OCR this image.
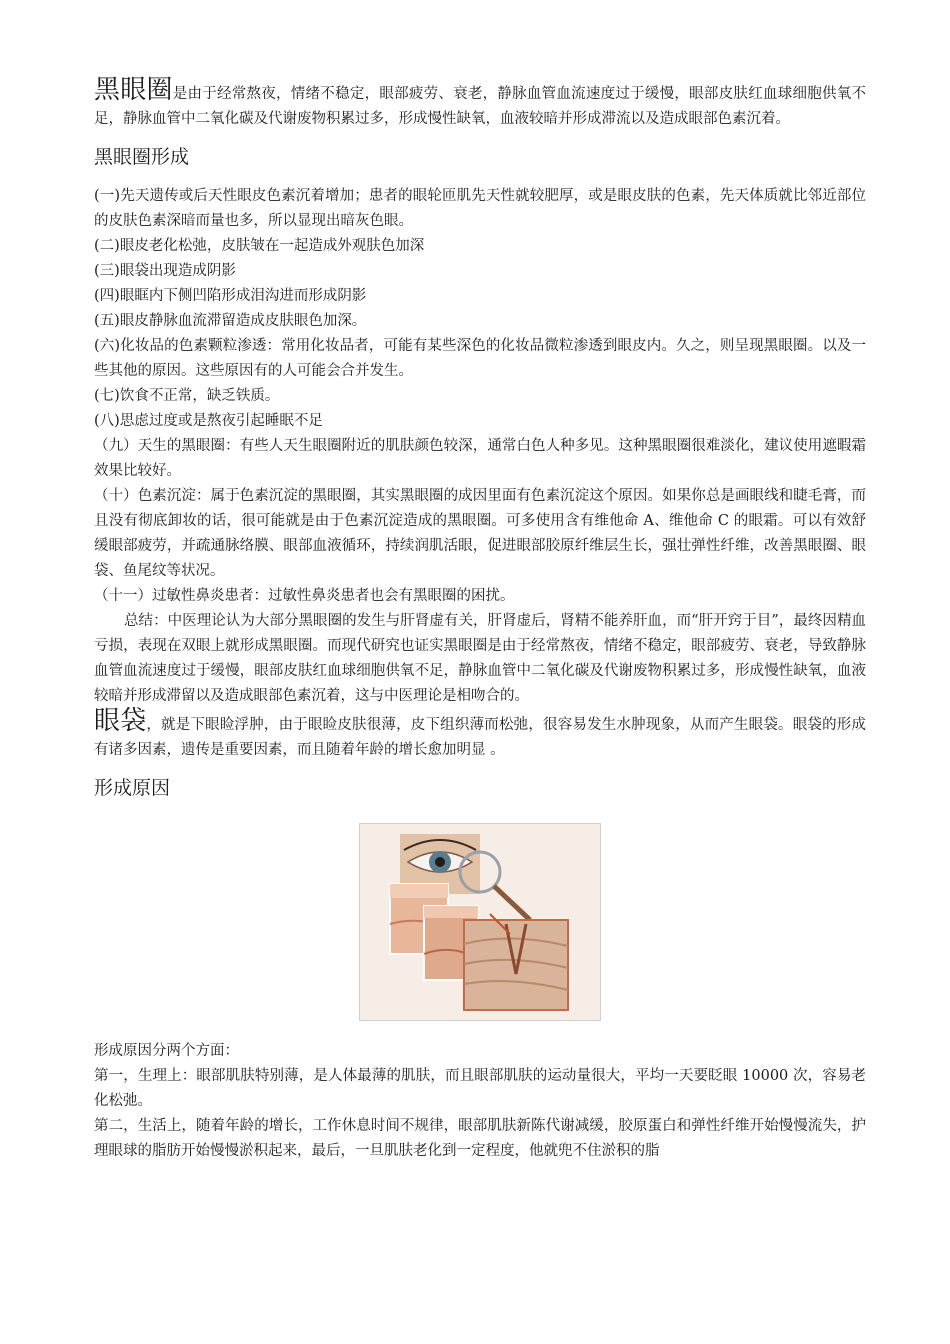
黑眼圈是由于经常熬夜，情绪不稳定，眼部疲劳、衰老，静脉血管血流速度过于缓慢，眼部皮肤红血球细胞供氧不足，静脉血管中二氧化碳及代谢废物积累过多，形成慢性缺氧，血液较暗并形成滞流以及造成眼部色素沉着。

黑眼圈形成

(一)先天遗传或后天性眼皮色素沉着增加；患者的眼轮匝肌先天性就较肥厚，或是眼皮肤的色素，先天体质就比邻近部位的皮肤色素深暗而量也多，所以显现出暗灰色眼。

(二)眼皮老化松弛，皮肤皱在一起造成外观肤色加深

(三)眼袋出现造成阴影

(四)眼眶内下侧凹陷形成泪沟进而形成阴影

(五)眼皮静脉血流滞留造成皮肤眼色加深。

(六)化妆品的色素颗粒渗透：常用化妆品者，可能有某些深色的化妆品微粒渗透到眼皮内。久之，则呈现黑眼圈。以及一些其他的原因。这些原因有的人可能会合并发生。

(七)饮食不正常，缺乏铁质。

(八)思虑过度或是熬夜引起睡眠不足

（九）天生的黑眼圈：有些人天生眼圈附近的肌肤颜色较深，通常白色人种多见。这种黑眼圈很难淡化，建议使用遮暇霜效果比较好。

（十）色素沉淀：属于色素沉淀的黑眼圈，其实黑眼圈的成因里面有色素沉淀这个原因。如果你总是画眼线和睫毛膏，而且没有彻底卸妆的话，很可能就是由于色素沉淀造成的黑眼圈。可多使用含有维他命 A、维他命 C 的眼霜。可以有效舒缓眼部疲劳，并疏通脉络膜、眼部血液循环，持续润肌活眼，促进眼部胶原纤维层生长，强壮弹性纤维，改善黑眼圈、眼袋、鱼尾纹等状况。

（十一）过敏性鼻炎患者：过敏性鼻炎患者也会有黑眼圈的困扰。

总结：中医理论认为大部分黑眼圈的发生与肝肾虚有关，肝肾虚后，肾精不能养肝血，而“肝开窍于目”，最终因精血亏损，表现在双眼上就形成黑眼圈。而现代研究也证实黑眼圈是由于经常熬夜，情绪不稳定，眼部疲劳、衰老，导致静脉血管血流速度过于缓慢，眼部皮肤红血球细胞供氧不足，静脉血管中二氧化碳及代谢废物积累过多，形成慢性缺氧，血液较暗并形成滞留以及造成眼部色素沉着，这与中医理论是相吻合的。

眼袋，就是下眼睑浮肿，由于眼睑皮肤很薄，皮下组织薄而松弛，很容易发生水肿现象，从而产生眼袋。眼袋的形成有诸多因素，遗传是重要因素，而且随着年龄的增长愈加明显 。

形成原因

形成原因分两个方面：

第一，生理上：眼部肌肤特别薄，是人体最薄的肌肤，而且眼部肌肤的运动量很大，平均一天要眨眼 10000 次，容易老化松弛。

第二，生活上，随着年龄的增长，工作休息时间不规律，眼部肌肤新陈代谢减缓，胶原蛋白和弹性纤维开始慢慢流失，护理眼球的脂肪开始慢慢淤积起来，最后，一旦肌肤老化到一定程度，他就兜不住淤积的脂
